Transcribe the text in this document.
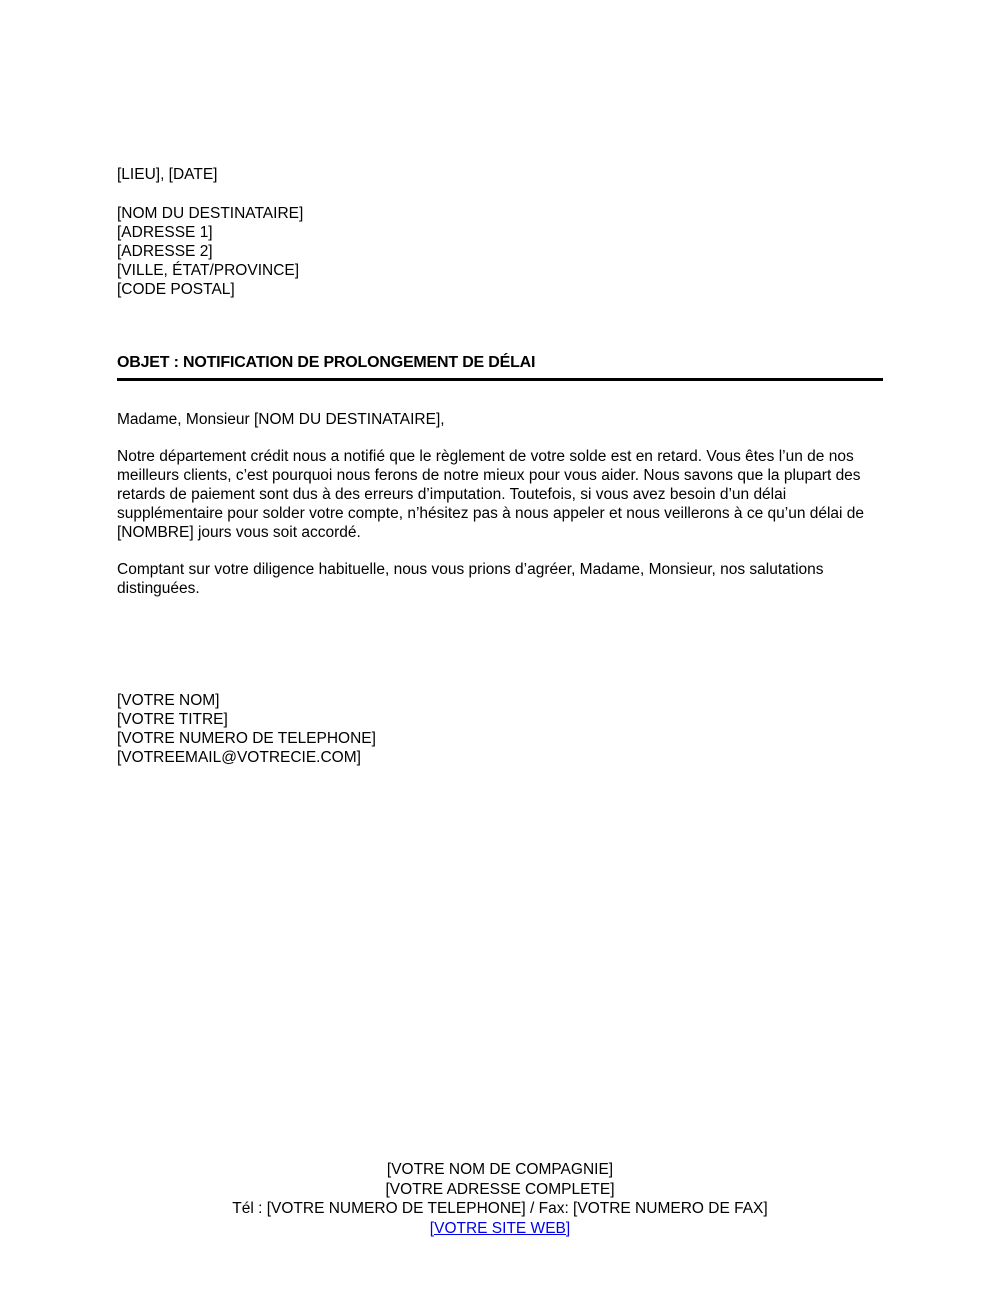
[LIEU], [DATE]
[NOM DU DESTINATAIRE]
[ADRESSE 1]
[ADRESSE 2]
[VILLE, ÉTAT/PROVINCE]
[CODE POSTAL]
OBJET : NOTIFICATION DE PROLONGEMENT DE DÉLAI
Madame, Monsieur [NOM DU DESTINATAIRE],

Notre département crédit nous a notifié que le règlement de votre solde est en retard. Vous êtes l’un de nos meilleurs clients, c’est pourquoi nous ferons de notre mieux pour vous aider. Nous savons que la plupart des retards de paiement sont dus à des erreurs d’imputation. Toutefois, si vous avez besoin d’un délai supplémentaire pour solder votre compte, n’hésitez pas à nous appeler et nous veillerons à ce qu’un délai de [NOMBRE] jours vous soit accordé.

Comptant sur votre diligence habituelle, nous vous prions d’agréer, Madame, Monsieur, nos salutations distinguées.

[VOTRE NOM]
[VOTRE TITRE]
[VOTRE NUMERO DE TELEPHONE]
[VOTREEMAIL@VOTRECIE.COM]
[VOTRE NOM DE COMPAGNIE]
[VOTRE ADRESSE COMPLETE]
Tél : [VOTRE NUMERO DE TELEPHONE] / Fax: [VOTRE NUMERO DE FAX]
[VOTRE SITE WEB]
